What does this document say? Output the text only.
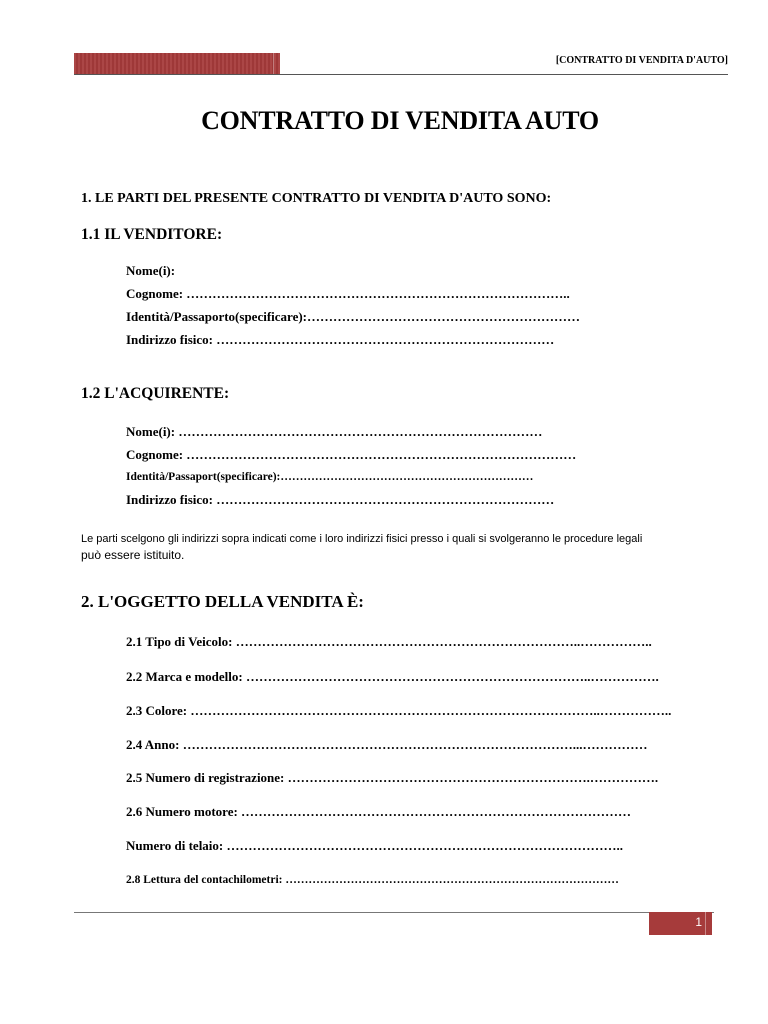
[CONTRATTO DI VENDITA D'AUTO]
CONTRATTO DI VENDITA AUTO
1. LE PARTI DEL PRESENTE CONTRATTO DI VENDITA D'AUTO SONO:
1.1 IL VENDITORE:
Nome(i):
Cognome: ……………………………………………………………………………..
Identità/Passaporto(specificare):………………………………………………………
Indirizzo fisico: ……………………………………………………………………
1.2 L'ACQUIRENTE:
Nome(i): …………………………………………………………………………
Cognome: ………………………………………………………………………………
Identità/Passaport(specificare):…………………………………………………………
Indirizzo fisico: ……………………………………………………………………
Le parti scelgono gli indirizzi sopra indicati come i loro indirizzi fisici presso i quali si svolgeranno le procedure legali
può essere istituito.
2. L'OGGETTO DELLA VENDITA È:
2.1 Tipo di Veicolo: ……………………………………………………………………..……………..
2.2 Marca e modello: ……………………………………………………………………..…………….
2.3 Colore: …………………………………………………………………………………..……………..
2.4 Anno: ………………………………………………………………………………...……………
2.5 Numero di registrazione: …………………………………………………………….…………….
2.6 Numero motore: ………………………………………………………………………………
Numero di telaio: ………………………………………………………………………………..
2.8 Lettura del contachilometri: ……………………………………………………………………………
1
